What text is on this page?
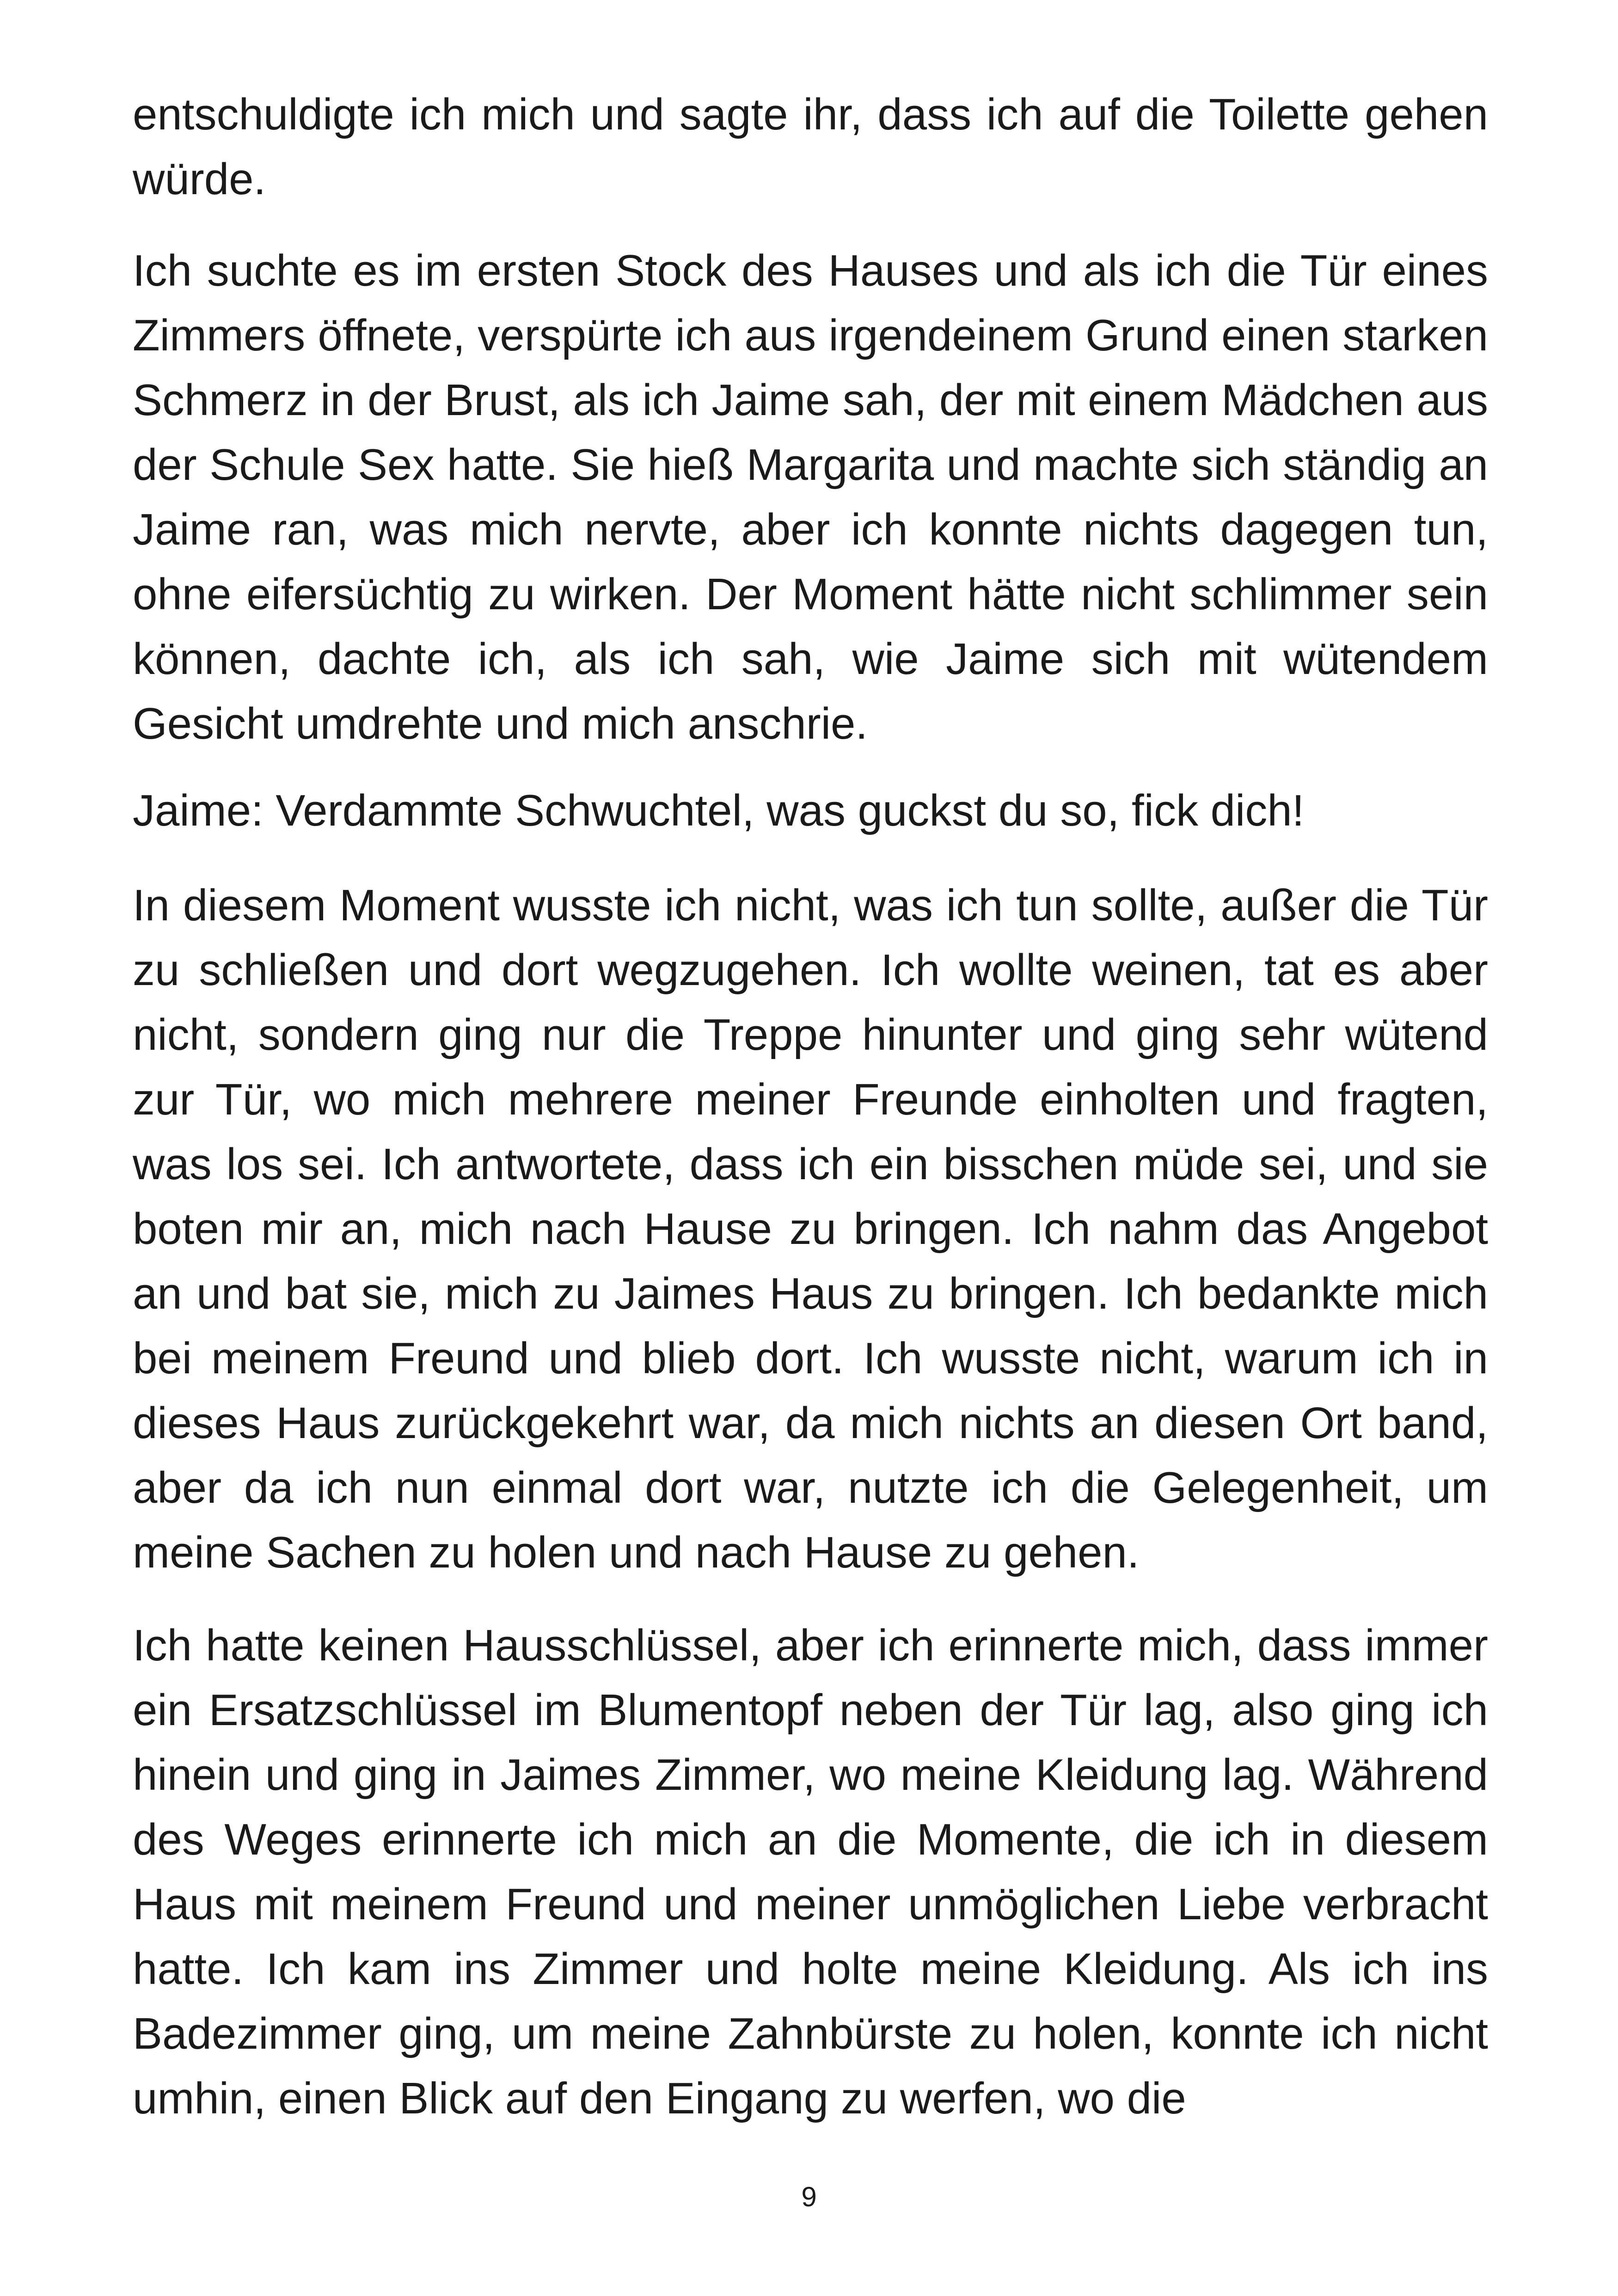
entschuldigte ich mich und sagte ihr, dass ich auf die Toilette gehen würde.

Ich suchte es im ersten Stock des Hauses und als ich die Tür eines Zimmers öffnete, verspürte ich aus irgendeinem Grund einen starken Schmerz in der Brust, als ich Jaime sah, der mit einem Mädchen aus der Schule Sex hatte. Sie hieß Margarita und machte sich ständig an Jaime ran, was mich nervte, aber ich konnte nichts dagegen tun, ohne eifersüchtig zu wirken. Der Moment hätte nicht schlimmer sein können, dachte ich, als ich sah, wie Jaime sich mit wütendem Gesicht umdrehte und mich anschrie.

Jaime: Verdammte Schwuchtel, was guckst du so, fick dich!

In diesem Moment wusste ich nicht, was ich tun sollte, außer die Tür zu schließen und dort wegzugehen. Ich wollte weinen, tat es aber nicht, sondern ging nur die Treppe hinunter und ging sehr wütend zur Tür, wo mich mehrere meiner Freunde einholten und fragten, was los sei. Ich antwortete, dass ich ein bisschen müde sei, und sie boten mir an, mich nach Hause zu bringen. Ich nahm das Angebot an und bat sie, mich zu Jaimes Haus zu bringen. Ich bedankte mich bei meinem Freund und blieb dort. Ich wusste nicht, warum ich in dieses Haus zurückgekehrt war, da mich nichts an diesen Ort band, aber da ich nun einmal dort war, nutzte ich die Gelegenheit, um meine Sachen zu holen und nach Hause zu gehen.

Ich hatte keinen Hausschlüssel, aber ich erinnerte mich, dass immer ein Ersatzschlüssel im Blumentopf neben der Tür lag, also ging ich hinein und ging in Jaimes Zimmer, wo meine Kleidung lag. Während des Weges erinnerte ich mich an die Momente, die ich in diesem Haus mit meinem Freund und meiner unmöglichen Liebe verbracht hatte. Ich kam ins Zimmer und holte meine Kleidung. Als ich ins Badezimmer ging, um meine Zahnbürste zu holen, konnte ich nicht umhin, einen Blick auf den Eingang zu werfen, wo die

9
